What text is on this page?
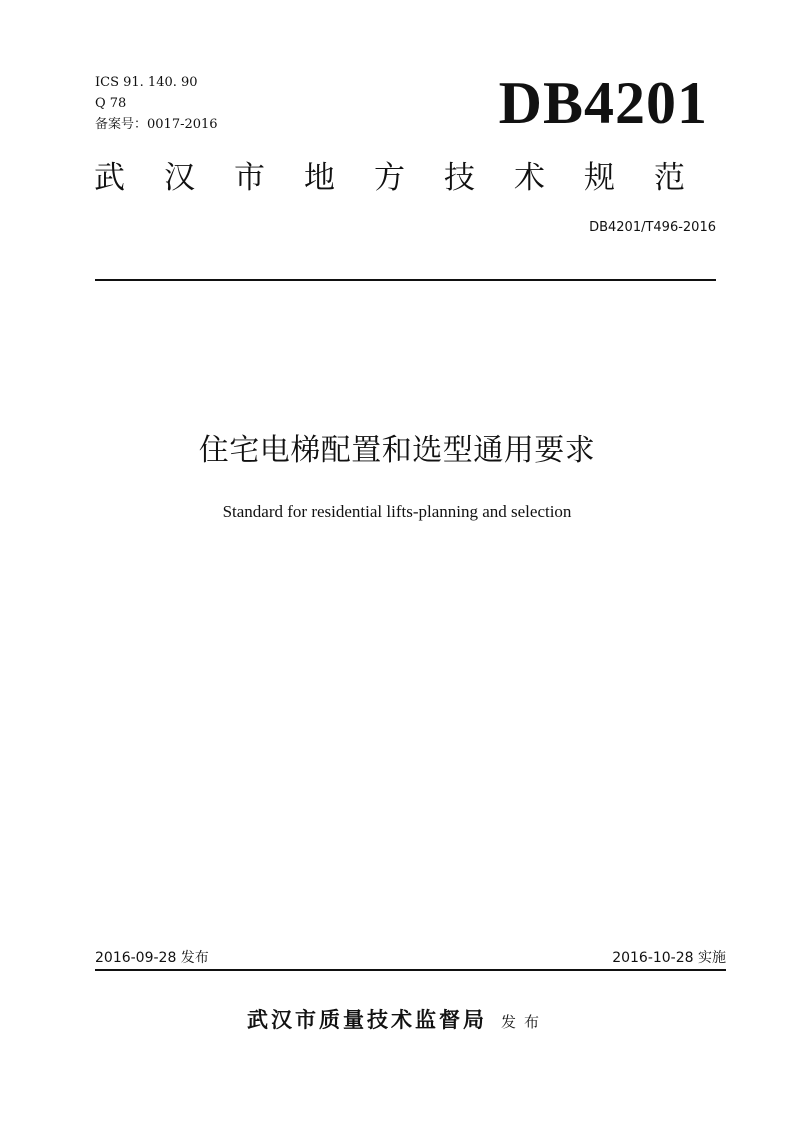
ICS 91. 140. 90
Q 78
备案号：0017-2016	DB4201
武汉市地方技术规范
DB4201/T496-2016
住宅电梯配置和选型通用要求
Standard for residential lifts-planning and selection
2016-09-28 发布	2016-10-28 实施
武汉市质量技术监督局 发布
